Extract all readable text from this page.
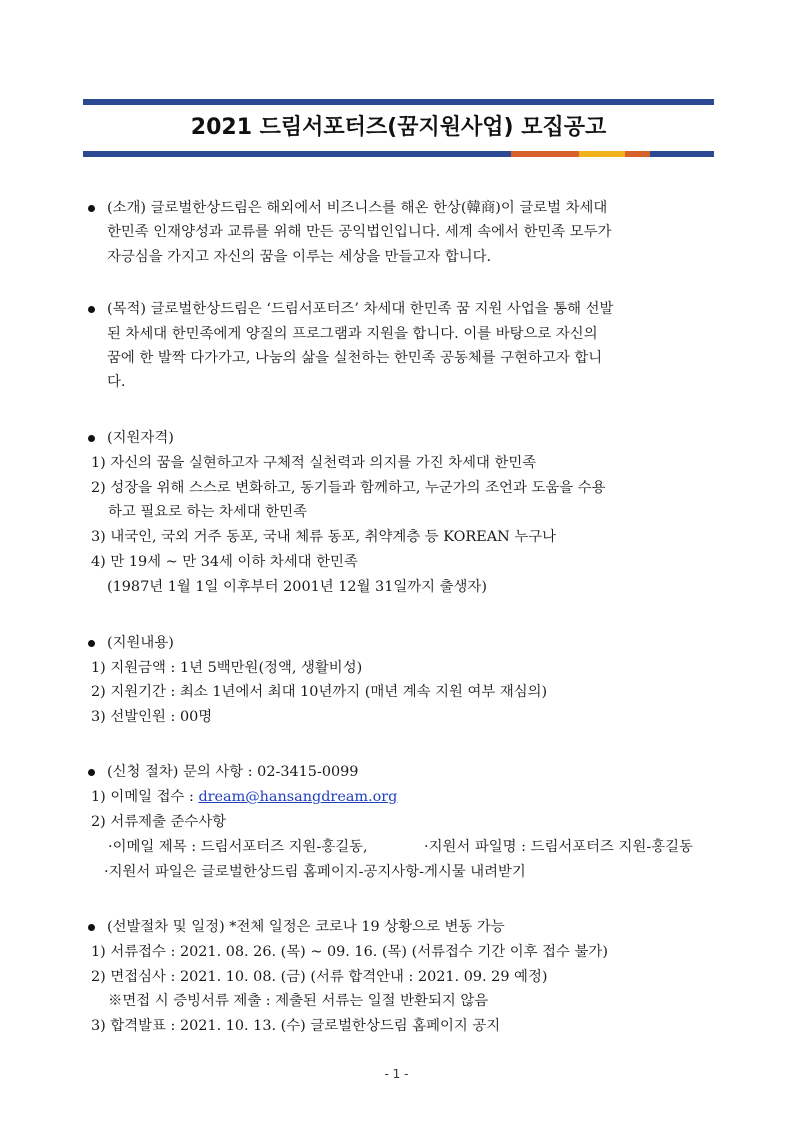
2021 드림서포터즈(꿈지원사업) 모집공고
(소개) 글로벌한상드림은 해외에서 비즈니스를 해온 한상(韓商)이 글로벌 차세대
한민족 인재양성과 교류를 위해 만든 공익법인입니다. 세계 속에서 한민족 모두가
자긍심을 가지고 자신의 꿈을 이루는 세상을 만들고자 합니다.
(목적) 글로벌한상드림은 ‘드림서포터즈’ 차세대 한민족 꿈 지원 사업을 통해 선발
된 차세대 한민족에게 양질의 프로그램과 지원을 합니다. 이를 바탕으로 자신의
꿈에 한 발짝 다가가고, 나눔의 삶을 실천하는 한민족 공동체를 구현하고자 합니
다.
(지원자격)
1) 자신의 꿈을 실현하고자 구체적 실천력과 의지를 가진 차세대 한민족
2) 성장을 위해 스스로 변화하고, 동기들과 함께하고, 누군가의 조언과 도움을 수용
하고 필요로 하는 차세대 한민족
3) 내국인, 국외 거주 동포, 국내 체류 동포, 취약계층 등 KOREAN 누구나
4) 만 19세 ~ 만 34세 이하 차세대 한민족
(1987년 1월 1일 이후부터 2001년 12월 31일까지 출생자)
(지원내용)
1) 지원금액 : 1년 5백만원(정액, 생활비성)
2) 지원기간 : 최소 1년에서 최대 10년까지 (매년 계속 지원 여부 재심의)
3) 선발인원 : 00명
(신청 절차) 문의 사항 : 02-3415-0099
1) 이메일 접수 : dream@hansangdream.org
2) 서류제출 준수사항
·이메일 제목 : 드림서포터즈 지원-홍길동,	·지원서 파일명 : 드림서포터즈 지원-홍길동
·지원서 파일은 글로벌한상드림 홈페이지-공지사항-게시물 내려받기
(선발절차 및 일정) *전체 일정은 코로나 19 상황으로 변동 가능
1) 서류접수 : 2021. 08. 26. (목) ~ 09. 16. (목) (서류접수 기간 이후 접수 불가)
2) 면접심사 : 2021. 10. 08. (금) (서류 합격안내 : 2021. 09. 29 예정)
※면접 시 증빙서류 제출 : 제출된 서류는 일절 반환되지 않음
3) 합격발표 : 2021. 10. 13. (수) 글로벌한상드림 홈페이지 공지
- 1 -
